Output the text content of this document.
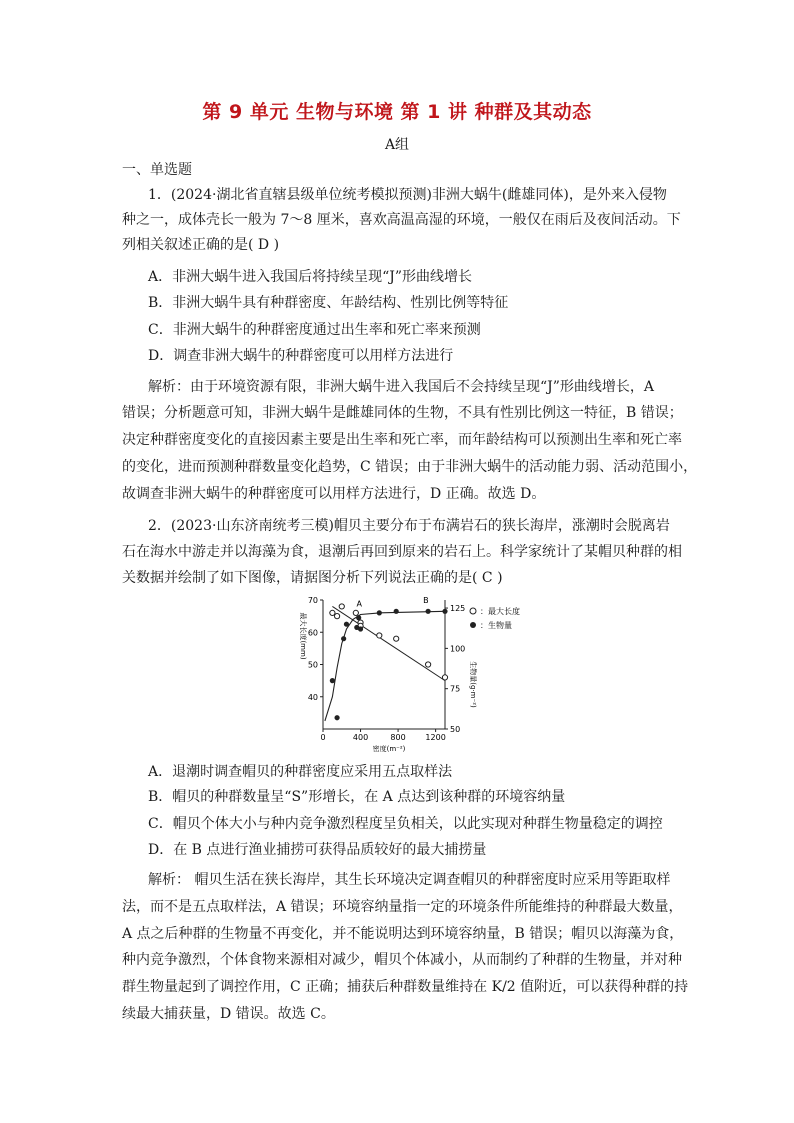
第 9 单元 生物与环境 第 1 讲 种群及其动态
A组
一、单选题
1．(2024·湖北省直辖县级单位统考模拟预测)非洲大蜗牛(雌雄同体)，是外来入侵物
种之一，成体壳长一般为 7～8 厘米，喜欢高温高湿的环境，一般仅在雨后及夜间活动。下
列相关叙述正确的是( D )
A．非洲大蜗牛进入我国后将持续呈现“J”形曲线增长
B．非洲大蜗牛具有种群密度、年龄结构、性别比例等特征
C．非洲大蜗牛的种群密度通过出生率和死亡率来预测
D．调查非洲大蜗牛的种群密度可以用样方法进行
解析：由于环境资源有限，非洲大蜗牛进入我国后不会持续呈现“J”形曲线增长，A
错误；分析题意可知，非洲大蜗牛是雌雄同体的生物，不具有性别比例这一特征，B 错误；
决定种群密度变化的直接因素主要是出生率和死亡率，而年龄结构可以预测出生率和死亡率
的变化，进而预测种群数量变化趋势，C 错误；由于非洲大蜗牛的活动能力弱、活动范围小，
故调查非洲大蜗牛的种群密度可以用样方法进行，D 正确。故选 D。
2．(2023·山东济南统考三模)帽贝主要分布于布满岩石的狭长海岸，涨潮时会脱离岩
石在海水中游走并以海藻为食，退潮后再回到原来的岩石上。科学家统计了某帽贝种群的相
关数据并绘制了如下图像，请据图分析下列说法正确的是( C )
0	400	800 1200
40
50
60
70
50
75
100
125
密度(m⁻²)
最大长度(mm)
生物量(g·m⁻²)
：最大长度
：生物量
A	B
A．退潮时调查帽贝的种群密度应采用五点取样法
B．帽贝的种群数量呈“S”形增长，在 A 点达到该种群的环境容纳量
C．帽贝个体大小与种内竞争激烈程度呈负相关，以此实现对种群生物量稳定的调控
D．在 B 点进行渔业捕捞可获得品质较好的最大捕捞量
解析： 帽贝生活在狭长海岸，其生长环境决定调查帽贝的种群密度时应采用等距取样
法，而不是五点取样法，A 错误；环境容纳量指一定的环境条件所能维持的种群最大数量，
A 点之后种群的生物量不再变化，并不能说明达到环境容纳量，B 错误；帽贝以海藻为食，
种内竞争激烈，个体食物来源相对减少，帽贝个体减小，从而制约了种群的生物量，并对种
群生物量起到了调控作用，C 正确；捕获后种群数量维持在 K/2 值附近，可以获得种群的持
续最大捕获量，D 错误。故选 C。
